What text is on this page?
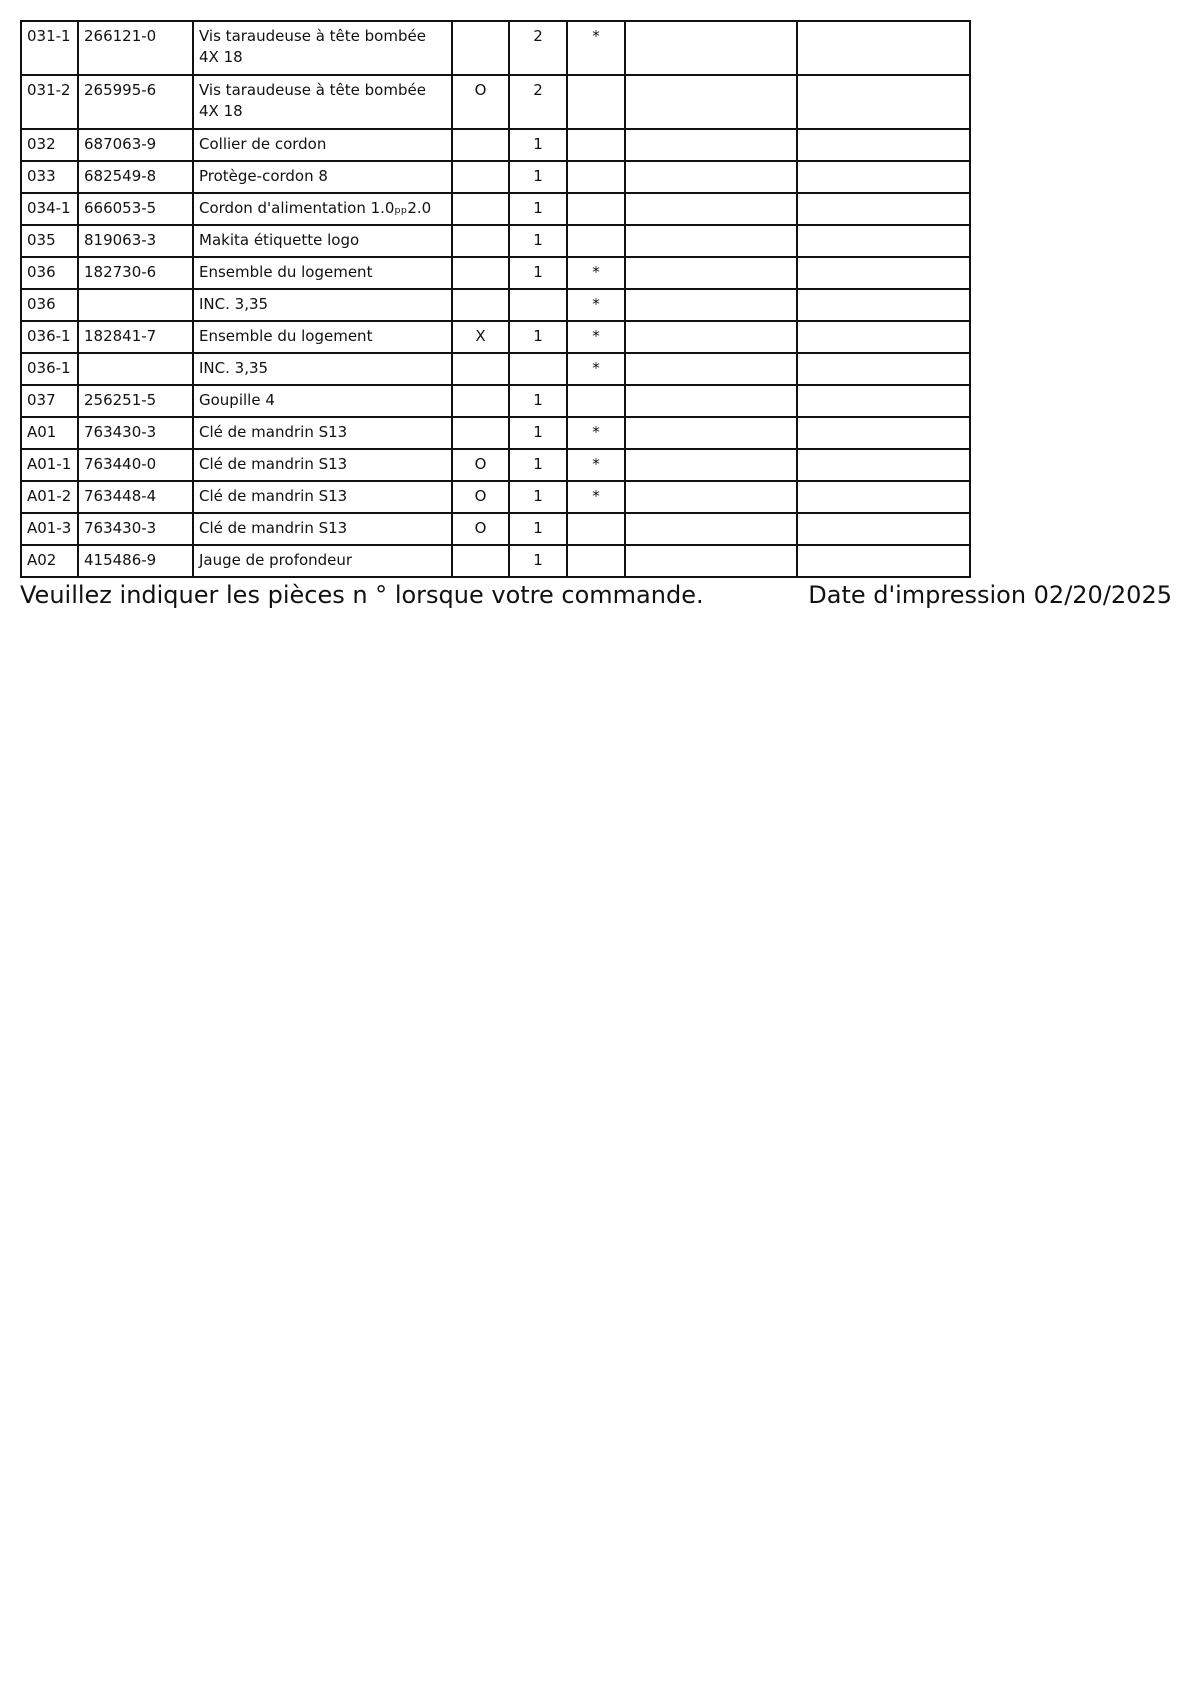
031-1	266121-0	Vis taraudeuse à tête bombée 4X 18		2	*		
031-2	265995-6	Vis taraudeuse à tête bombée 4X 18	O	2			
032	687063-9	Collier de cordon		1			
033	682549-8	Protège-cordon 8		1			
034-1	666053-5	Cordon d'alimentation 1.0ₚₚ2.0		1			
035	819063-3	Makita étiquette logo		1			
036	182730-6	Ensemble du logement		1	*		
036		INC. 3,35			*		
036-1	182841-7	Ensemble du logement	X	1	*		
036-1		INC. 3,35			*		
037	256251-5	Goupille 4		1			
A01	763430-3	Clé de mandrin S13		1	*		
A01-1	763440-0	Clé de mandrin S13	O	1	*		
A01-2	763448-4	Clé de mandrin S13	O	1	*		
A01-3	763430-3	Clé de mandrin S13	O	1			
A02	415486-9	Jauge de profondeur		1			
Veuillez indiquer les pièces n ° lorsque votre commande.	Date d'impression 02/20/2025
